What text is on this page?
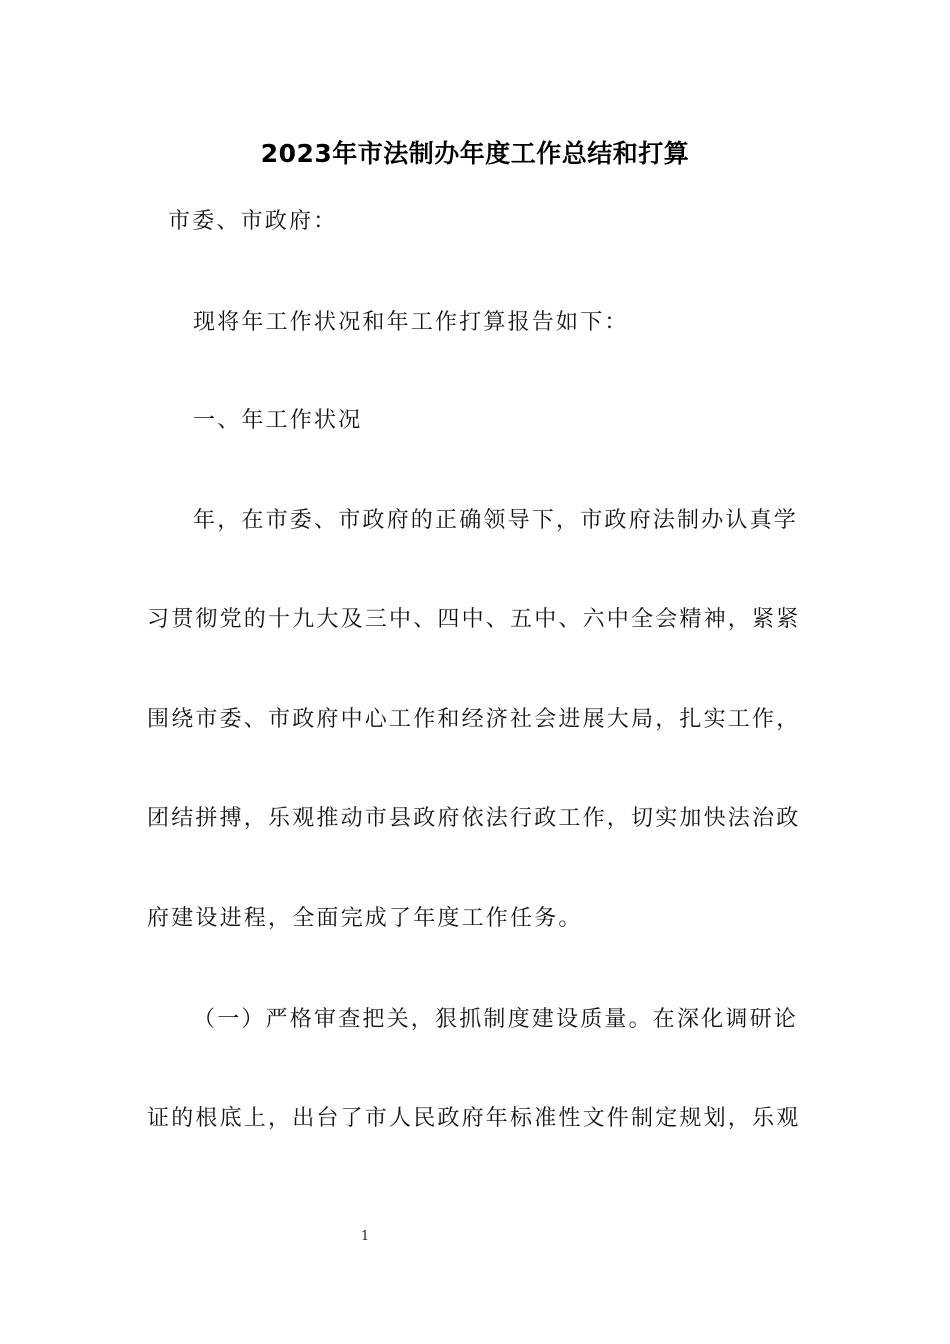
2023年市法制办年度工作总结和打算
市委、市政府：
现将年工作状况和年工作打算报告如下：
一、年工作状况
年，在市委、市政府的正确领导下，市政府法制办认真学
习贯彻党的十九大及三中、四中、五中、六中全会精神，紧紧
围绕市委、市政府中心工作和经济社会进展大局，扎实工作，
团结拼搏，乐观推动市县政府依法行政工作，切实加快法治政
府建设进程，全面完成了年度工作任务。
（一）严格审查把关，狠抓制度建设质量。在深化调研论
证的根底上，出台了市人民政府年标准性文件制定规划，乐观
1
